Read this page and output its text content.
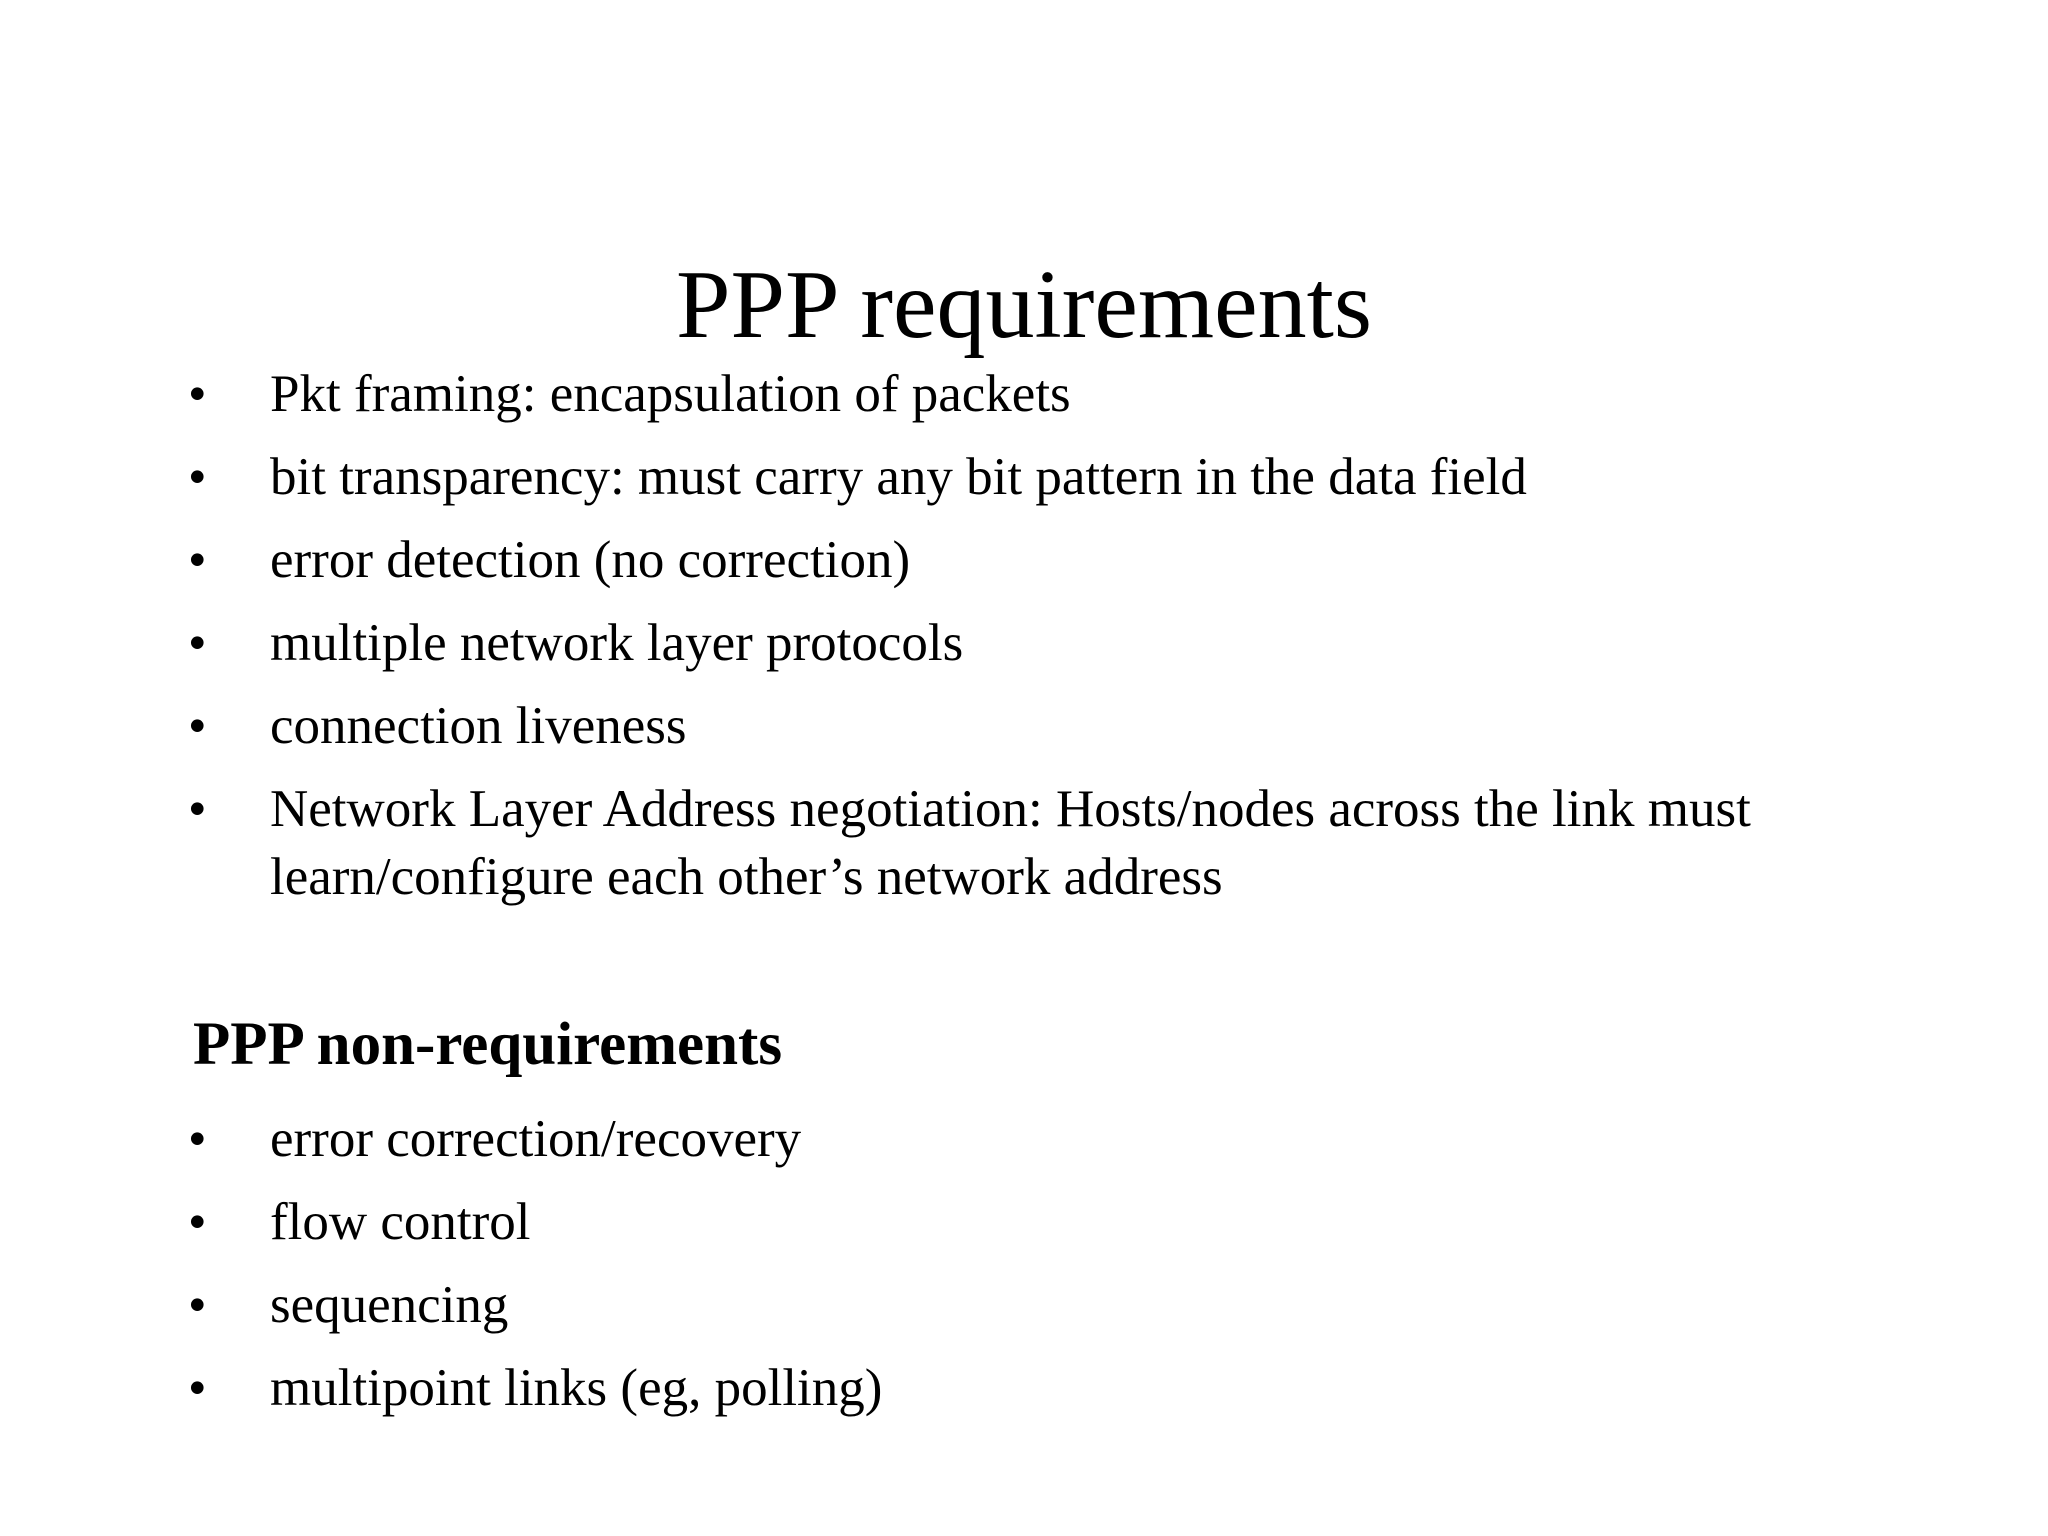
PPP requirements
• Pkt framing: encapsulation of packets
• bit transparency: must carry any bit pattern in the data field
• error detection (no correction)
• multiple network layer protocols
• connection liveness
• Network Layer Address negotiation: Hosts/nodes across the link must learn/configure each other’s network address
PPP non-requirements
• error correction/recovery
• flow control
• sequencing
• multipoint links (eg, polling)
